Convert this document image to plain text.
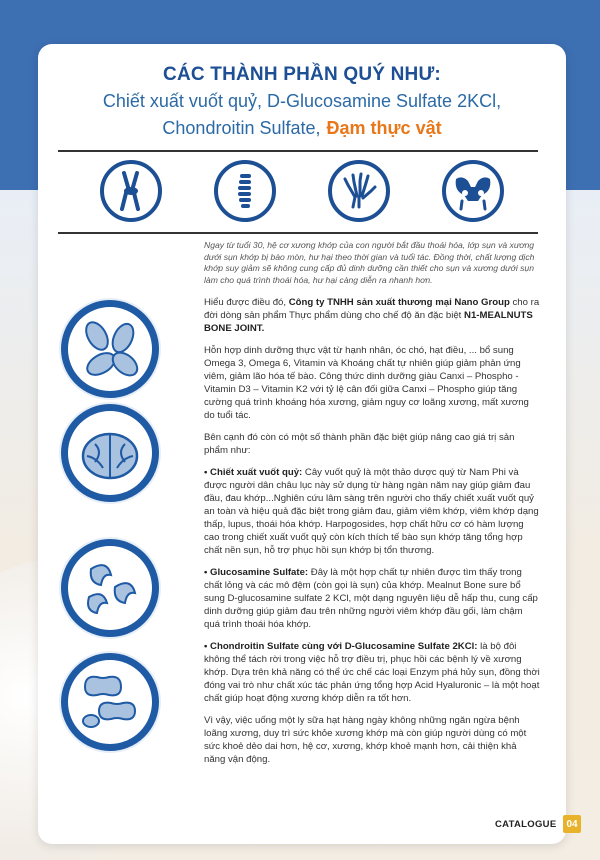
CÁC THÀNH PHẦN QUÝ NHƯ:
Chiết xuất vuốt quỷ, D-Glucosamine Sulfate 2KCl,
Chondroitin Sulfate, Đạm thực vật
Ngay từ tuổi 30, hệ cơ xương khớp của con người bắt đầu thoái hóa, lớp sụn và xương dưới sụn khớp bị bào mòn, hư hại theo thời gian và tuổi tác. Đồng thời, chất lượng dịch khớp suy giảm sẽ không cung cấp đủ dinh dưỡng cần thiết cho sụn và xương dưới sụn làm cho quá trình thoái hóa, hư hại càng diễn ra nhanh hơn.

Hiểu được điều đó, Công ty TNHH sản xuất thương mại Nano Group cho ra đời dòng sản phẩm Thực phẩm dùng cho chế độ ăn đặc biệt N1-MEALNUTS BONE JOINT.

Hỗn hợp dinh dưỡng thực vật từ hạnh nhân, óc chó, hạt điều, ... bổ sung Omega 3, Omega 6, Vitamin và Khoáng chất tự nhiên giúp giảm phản ứng viêm, giảm lão hóa tế bào. Công thức dinh dưỡng giàu Canxi – Phospho - Vitamin D3 – Vitamin K2 với tỷ lệ cân đối giữa Canxi – Phospho giúp tăng cường quá trình khoáng hóa xương, giảm nguy cơ loãng xương, mất xương do tuổi tác.

Bên cạnh đó còn có một số thành phần đặc biệt giúp nâng cao giá trị sản phẩm như:

• Chiết xuất vuốt quỷ: Cây vuốt quỷ là một thảo dược quý từ Nam Phi và được người dân châu lục này sử dụng từ hàng ngàn năm nay giúp giảm đau đầu, đau khớp...Nghiên cứu lâm sàng trên người cho thấy chiết xuất vuốt quỷ an toàn và hiệu quả đặc biệt trong giảm đau, giảm viêm khớp, viêm khớp dạng thấp, lupus, thoái hóa khớp. Harpogosides, hợp chất hữu cơ có hàm lượng cao trong chiết xuất vuốt quỷ còn kích thích tế bào sụn khớp tăng tổng hợp chất nền sụn, hỗ trợ phục hồi sụn khớp bị tổn thương.

• Glucosamine Sulfate: Đây là một hợp chất tự nhiên được tìm thấy trong chất lỏng và các mô đệm (còn gọi là sụn) của khớp. Mealnut Bone sure bổ sung D-glucosamine sulfate 2 KCl, một dạng nguyên liệu dễ hấp thu, cung cấp dinh dưỡng giúp giảm đau trên những người viêm khớp đầu gối, làm chậm quá trình thoái hóa khớp.

• Chondroitin Sulfate cùng với D-Glucosamine Sulfate 2KCl: là bộ đôi không thể tách rời trong việc hỗ trợ điều trị, phục hồi các bệnh lý về xương khớp. Dựa trên khả năng có thể ức chế các loại Enzym phá hủy sụn, đồng thời đóng vai trò như chất xúc tác phản ứng tổng hợp Acid Hyaluronic – là một hoạt chất giúp hoạt động xương khớp diễn ra tốt hơn.

Vì vậy, việc uống một ly sữa hạt hàng ngày không những ngăn ngừa bệnh loãng xương, duy trì sức khỏe xương khớp mà còn giúp người dùng có một sức khoẻ dẻo dai hơn, hệ cơ, xương, khớp khoẻ mạnh hơn, cải thiện khả năng vận động.

CATALOGUE 04
